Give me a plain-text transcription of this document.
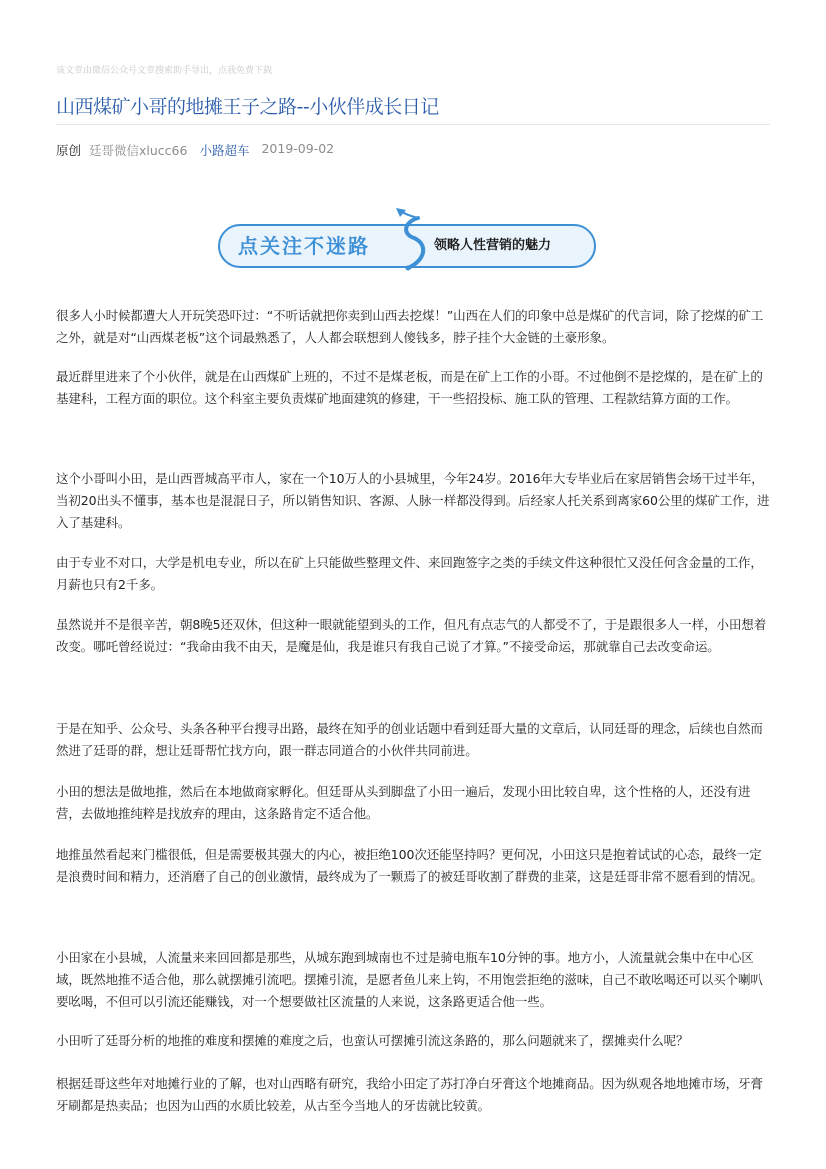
该文章由微信公众号文章搜索助手导出，点我免费下载
山西煤矿小哥的地摊王子之路--小伙伴成长日记
原创 廷哥微信xlucc66 小路超车 2019-09-02
点关注不迷路	领略人性营销的魅力

很多人小时候都遭大人开玩笑恐吓过：“不听话就把你卖到山西去挖煤！”山西在人们的印象中总是煤矿的代言词，除了挖煤的矿工之外，就是对“山西煤老板”这个词最熟悉了，人人都会联想到人傻钱多，脖子挂个大金链的土豪形象。

最近群里进来了个小伙伴，就是在山西煤矿上班的，不过不是煤老板，而是在矿上工作的小哥。不过他倒不是挖煤的，是在矿上的基建科，工程方面的职位。这个科室主要负责煤矿地面建筑的修建，干一些招投标、施工队的管理、工程款结算方面的工作。

这个小哥叫小田，是山西晋城高平市人，家在一个10万人的小县城里，今年24岁。2016年大专毕业后在家居销售会场干过半年，当初20出头不懂事，基本也是混混日子，所以销售知识、客源、人脉一样都没得到。后经家人托关系到离家60公里的煤矿工作，进入了基建科。

由于专业不对口，大学是机电专业，所以在矿上只能做些整理文件、来回跑签字之类的手续文件这种很忙又没任何含金量的工作，月薪也只有2千多。

虽然说并不是很辛苦，朝8晚5还双休，但这种一眼就能望到头的工作，但凡有点志气的人都受不了，于是跟很多人一样，小田想着改变。哪吒曾经说过：“我命由我不由天，是魔是仙，我是谁只有我自己说了才算。”不接受命运，那就靠自己去改变命运。

于是在知乎、公众号、头条各种平台搜寻出路，最终在知乎的创业话题中看到廷哥大量的文章后，认同廷哥的理念，后续也自然而然进了廷哥的群，想让廷哥帮忙找方向，跟一群志同道合的小伙伴共同前进。

小田的想法是做地推，然后在本地做商家孵化。但廷哥从头到脚盘了小田一遍后，发现小田比较自卑，这个性格的人，还没有进营，去做地推纯粹是找放弃的理由，这条路肯定不适合他。

地推虽然看起来门槛很低，但是需要极其强大的内心，被拒绝100次还能坚持吗？更何况，小田这只是抱着试试的心态，最终一定是浪费时间和精力，还消磨了自己的创业激情，最终成为了一颗焉了的被廷哥收割了群费的韭菜，这是廷哥非常不愿看到的情况。

小田家在小县城，人流量来来回回都是那些，从城东跑到城南也不过是骑电瓶车10分钟的事。地方小，人流量就会集中在中心区域，既然地推不适合他，那么就摆摊引流吧。摆摊引流，是愿者鱼儿来上钩，不用饱尝拒绝的滋味，自己不敢吆喝还可以买个喇叭要吆喝，不但可以引流还能赚钱，对一个想要做社区流量的人来说，这条路更适合他一些。

小田听了廷哥分析的地推的难度和摆摊的难度之后，也蛮认可摆摊引流这条路的，那么问题就来了，摆摊卖什么呢？

根据廷哥这些年对地摊行业的了解，也对山西略有研究，我给小田定了苏打净白牙膏这个地摊商品。因为纵观各地地摊市场，牙膏牙刷都是热卖品；也因为山西的水质比较差，从古至今当地人的牙齿就比较黄。
